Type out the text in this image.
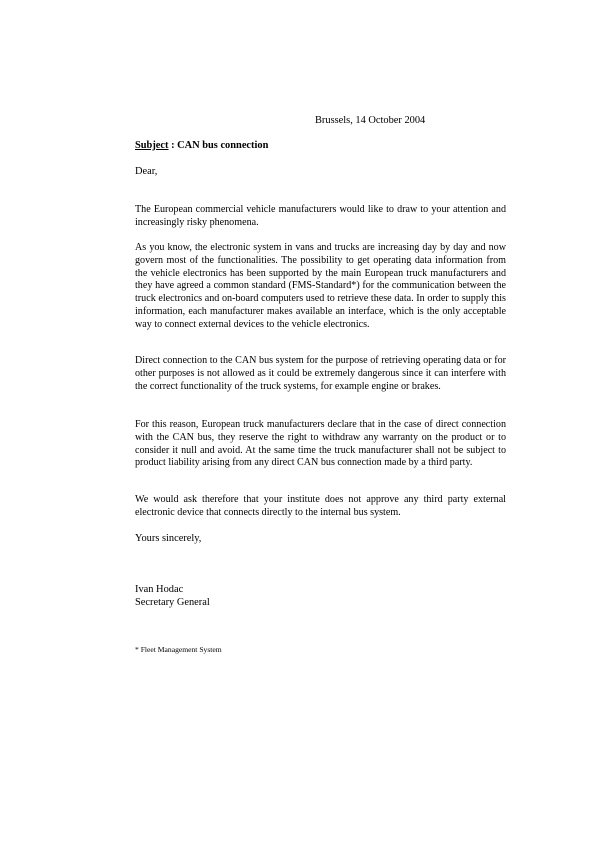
Brussels, 14 October 2004
Subject : CAN bus connection
Dear,

The European commercial vehicle manufacturers would like to draw to your attention and increasingly risky phenomena.

As you know, the electronic system in vans and trucks are increasing day by day and now govern most of the functionalities. The possibility to get operating data information from the vehicle electronics has been supported by the main European truck manufacturers and they have agreed a common standard (FMS-Standard*) for the communication between the truck electronics and on-board computers used to retrieve these data. In order to supply this information, each manufacturer makes available an interface, which is the only acceptable way to connect external devices to the vehicle electronics.

Direct connection to the CAN bus system for the purpose of retrieving operating data or for other purposes is not allowed as it could be extremely dangerous since it can interfere with the correct functionality of the truck systems, for example engine or brakes.

For this reason, European truck manufacturers declare that in the case of direct connection with the CAN bus, they reserve the right to withdraw any warranty on the product or to consider it null and avoid. At the same time the truck manufacturer shall not be subject to product liability arising from any direct CAN bus connection made by a third party.

We would ask therefore that your institute does not approve any third party external electronic device that connects directly to the internal bus system.

Yours sincerely,
Ivan Hodac
Secretary General
* Fleet Management System
